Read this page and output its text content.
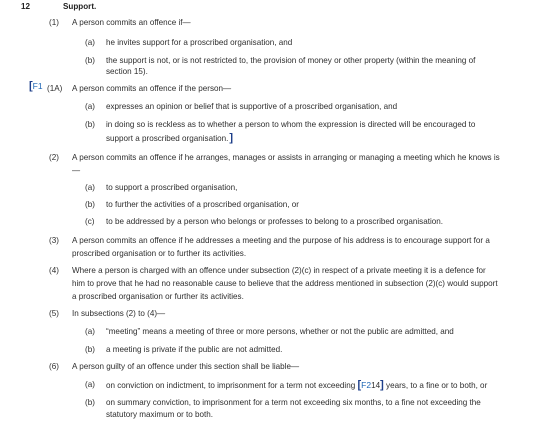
12	Support.
(1) A person commits an offence if—
(a) he invites support for a proscribed organisation, and
(b) the support is not, or is not restricted to, the provision of money or other property (within the meaning of
section 15).
[F1 (1A) A person commits an offence if the person—
(a) expresses an opinion or belief that is supportive of a proscribed organisation, and
(b) in doing so is reckless as to whether a person to whom the expression is directed will be encouraged to
support a proscribed organisation.]
(2) A person commits an offence if he arranges, manages or assists in arranging or managing a meeting which he knows is
—
(a) to support a proscribed organisation,
(b) to further the activities of a proscribed organisation, or
(c) to be addressed by a person who belongs or professes to belong to a proscribed organisation.
(3) A person commits an offence if he addresses a meeting and the purpose of his address is to encourage support for a
proscribed organisation or to further its activities.
(4) Where a person is charged with an offence under subsection (2)(c) in respect of a private meeting it is a defence for
him to prove that he had no reasonable cause to believe that the address mentioned in subsection (2)(c) would support
a proscribed organisation or further its activities.
(5) In subsections (2) to (4)—
(a) “meeting” means a meeting of three or more persons, whether or not the public are admitted, and
(b) a meeting is private if the public are not admitted.
(6) A person guilty of an offence under this section shall be liable—
(a) on conviction on indictment, to imprisonment for a term not exceeding [F214] years, to a fine or to both, or
(b) on summary conviction, to imprisonment for a term not exceeding six months, to a fine not exceeding the
statutory maximum or to both.
